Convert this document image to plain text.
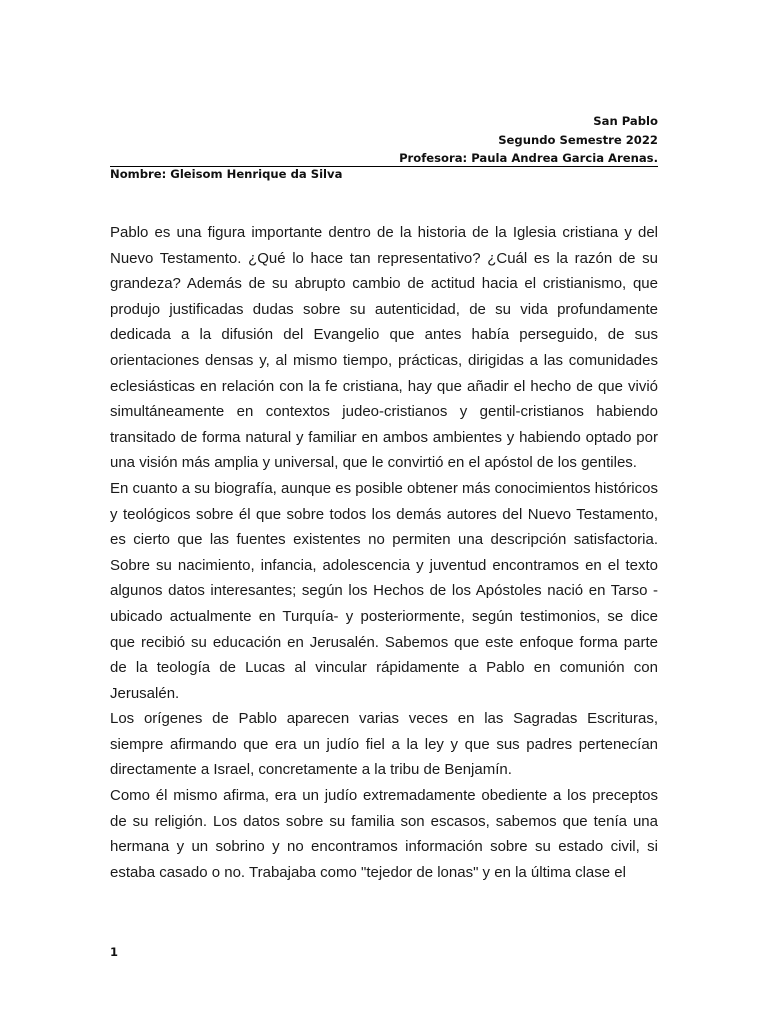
San Pablo
Segundo Semestre 2022
Profesora: Paula Andrea Garcia Arenas.
Nombre: Gleisom Henrique da Silva

Pablo es una figura importante dentro de la historia de la Iglesia cristiana y del Nuevo Testamento. ¿Qué lo hace tan representativo? ¿Cuál es la razón de su grandeza? Además de su abrupto cambio de actitud hacia el cristianismo, que produjo justificadas dudas sobre su autenticidad, de su vida profundamente dedicada a la difusión del Evangelio que antes había perseguido, de sus orientaciones densas y, al mismo tiempo, prácticas, dirigidas a las comunidades eclesiásticas en relación con la fe cristiana, hay que añadir el hecho de que vivió simultáneamente en contextos judeo-cristianos y gentil-cristianos habiendo transitado de forma natural y familiar en ambos ambientes y habiendo optado por una visión más amplia y universal, que le convirtió en el apóstol de los gentiles.

En cuanto a su biografía, aunque es posible obtener más conocimientos históricos y teológicos sobre él que sobre todos los demás autores del Nuevo Testamento, es cierto que las fuentes existentes no permiten una descripción satisfactoria. Sobre su nacimiento, infancia, adolescencia y juventud encontramos en el texto algunos datos interesantes; según los Hechos de los Apóstoles nació en Tarso -ubicado actualmente en Turquía- y posteriormente, según testimonios, se dice que recibió su educación en Jerusalén. Sabemos que este enfoque forma parte de la teología de Lucas al vincular rápidamente a Pablo en comunión con Jerusalén.

Los orígenes de Pablo aparecen varias veces en las Sagradas Escrituras, siempre afirmando que era un judío fiel a la ley y que sus padres pertenecían directamente a Israel, concretamente a la tribu de Benjamín.

Como él mismo afirma, era un judío extremadamente obediente a los preceptos de su religión. Los datos sobre su familia son escasos, sabemos que tenía una hermana y un sobrino y no encontramos información sobre su estado civil, si estaba casado o no. Trabajaba como "tejedor de lonas" y en la última clase el

1
